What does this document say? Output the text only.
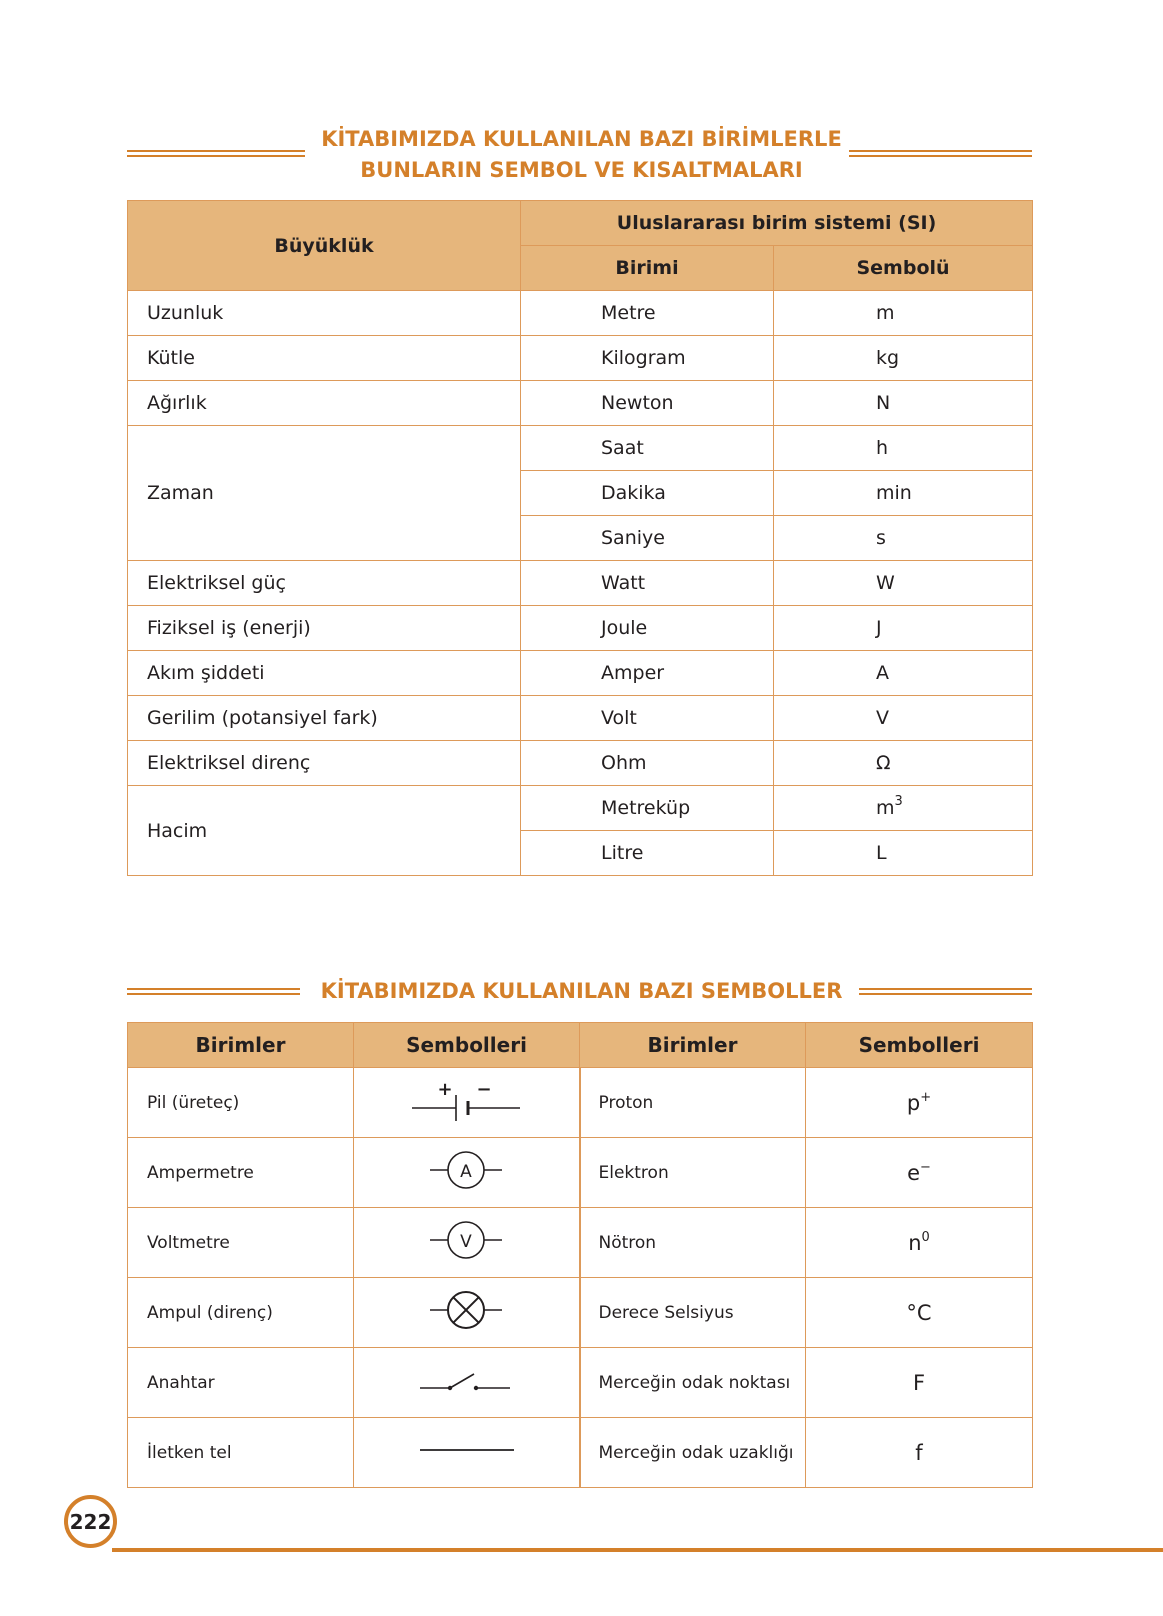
KİTABIMIZDA KULLANILAN BAZI BİRİMLERLE
BUNLARIN SEMBOL VE KISALTMALARI
Büyüklük	Uluslararası birim sistemi (SI)	
	Birimi	Sembolü
Uzunluk	Metre	m
Kütle	Kilogram	kg
Ağırlık	Newton	N
Zaman	Saat	h
	Dakika	min
	Saniye	s
Elektriksel güç	Watt	W
Fiziksel iş (enerji)	Joule	J
Akım şiddeti	Amper	A
Gerilim (potansiyel fark)	Volt	V
Elektriksel direnç	Ohm	Ω
Hacim	Metreküp	$m^3$
	Litre	L
KİTABIMIZDA KULLANILAN BAZI SEMBOLLER
Birimler	Sembolleri	Birimler	Sembolleri
Pil (üreteç)	+ −	Proton	p+
Ampermetre	A	Elektron	e−
Voltmetre	V	Nötron	$n^0$
Ampul (direnç)		Derece Selsiyus	°C
Anahtar		Merceğin odak noktası	F
İletken tel		Merceğin odak uzaklığı	f
222
